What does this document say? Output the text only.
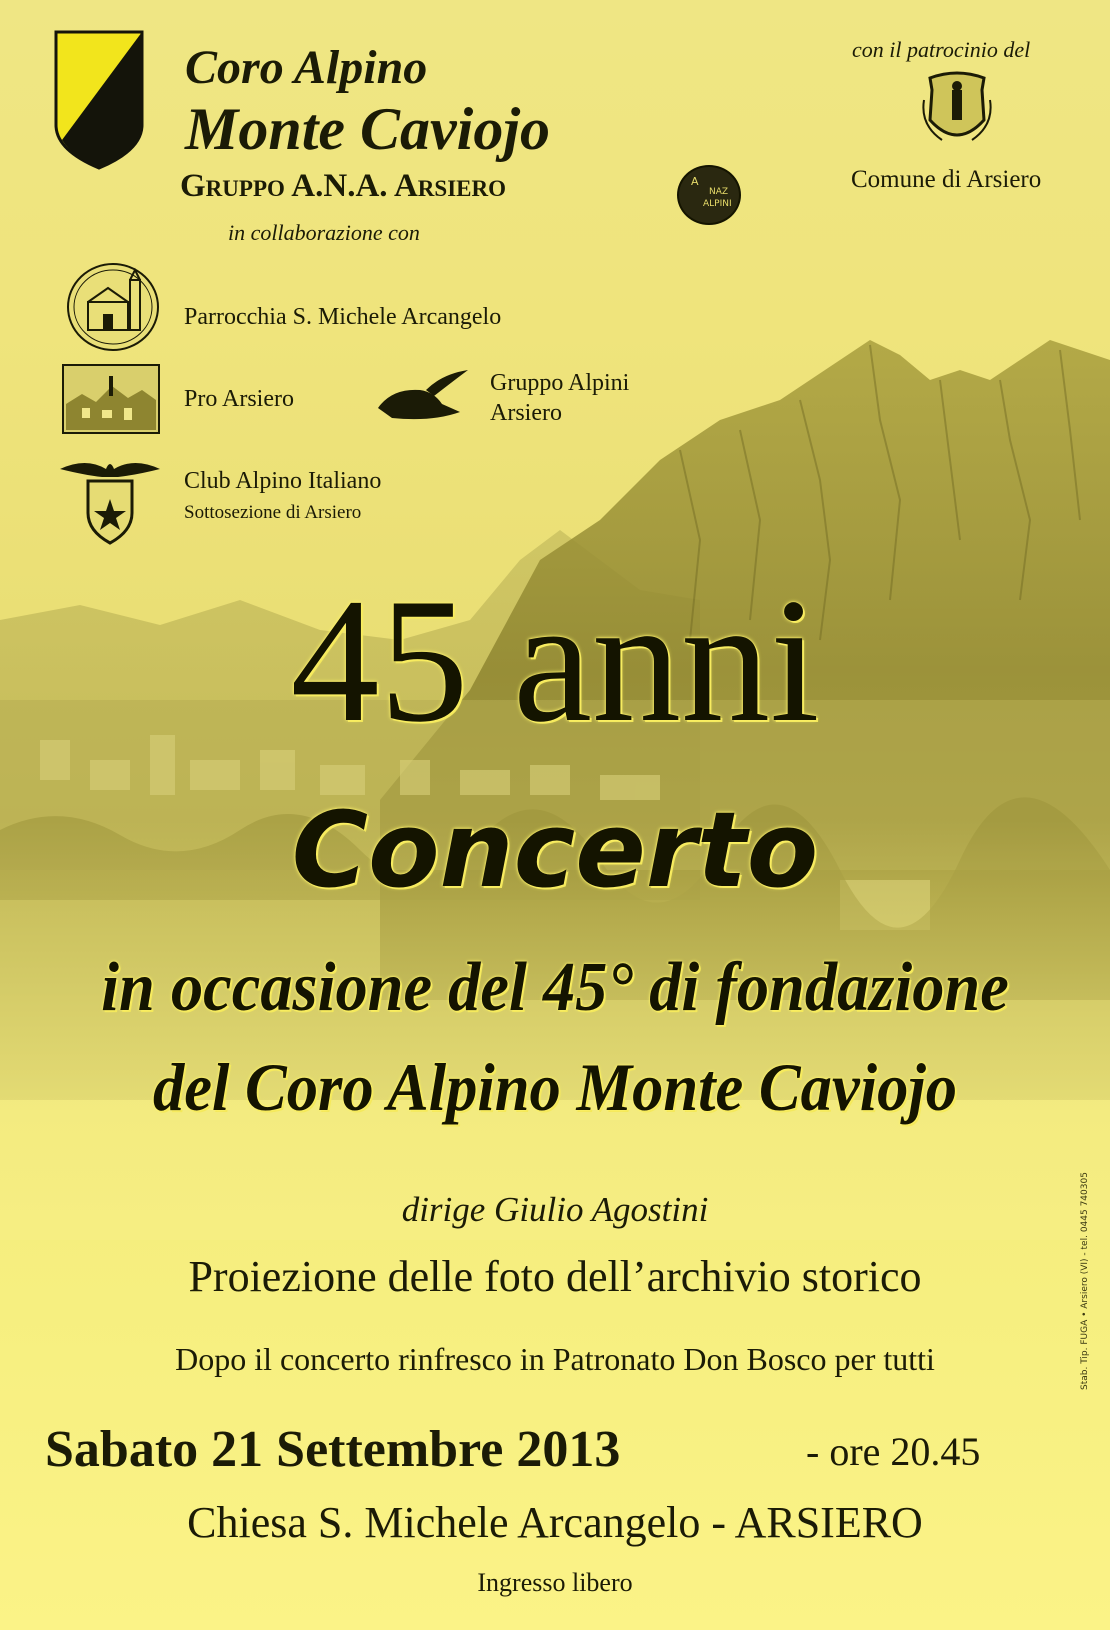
Coro Alpino
Monte Caviojo
Gruppo A.N.A. Arsiero
in collaborazione con
A
NAZ
ALPINI
con il patrocinio del
Comune di Arsiero
Parrocchia S. Michele Arcangelo
Pro Arsiero
Gruppo Alpini
Arsiero
Club Alpino Italiano
Sottosezione di Arsiero
45 anni
Concerto
in occasione del 45° di fondazione
del Coro Alpino Monte Caviojo
dirige Giulio Agostini
Proiezione delle foto dell’archivio storico
Dopo il concerto rinfresco in Patronato Don Bosco per tutti
Sabato 21 Settembre 2013	- ore 20.45
Chiesa S. Michele Arcangelo - ARSIERO
Ingresso libero
Stab. Tip. FUGA • Arsiero (VI) - tel. 0445 740305
